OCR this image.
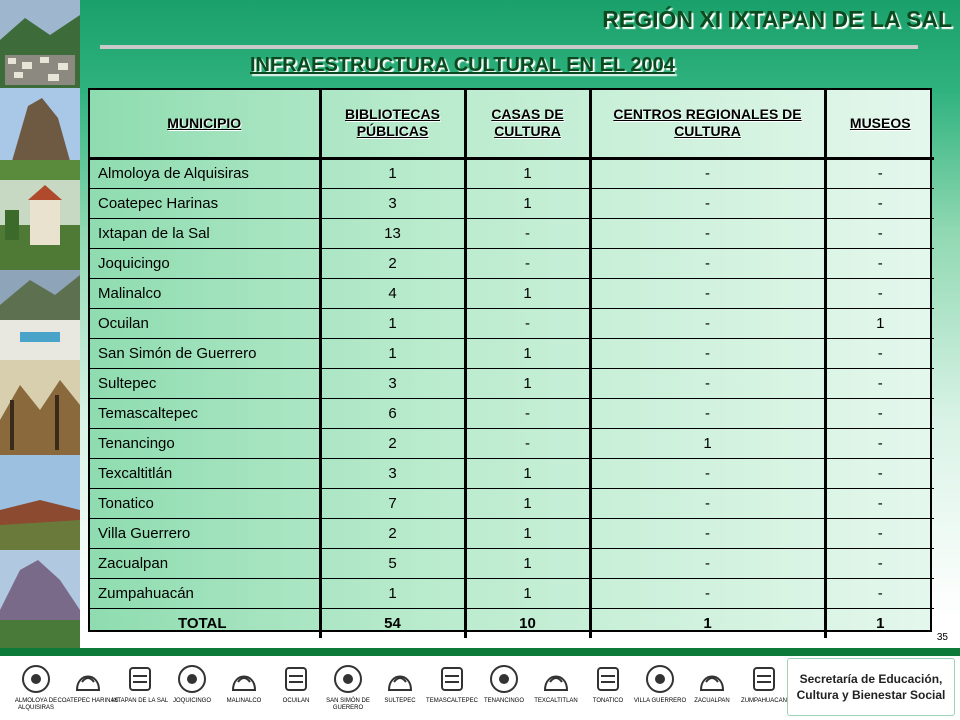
REGIÓN XI IXTAPAN DE LA SAL
INFRAESTRUCTURA CULTURAL EN EL 2004
MUNICIPIO	BIBLIOTECAS PÚBLICAS	CASAS DE CULTURA	CENTROS REGIONALES DE CULTURA	MUSEOS
Almoloya de Alquisiras	1	1	-	-
Coatepec Harinas	3	1	-	-
Ixtapan de la Sal	13	-	-	-
Joquicingo	2	-	-	-
Malinalco	4	1	-	-
Ocuilan	1	-	-	1
San Simón de Guerrero	1	1	-	-
Sultepec	3	1	-	-
Temascaltepec	6	-	-	-
Tenancingo	2	-	1	-
Texcaltitlán	3	1	-	-
Tonatico	7	1	-	-
Villa Guerrero	2	1	-	-
Zacualpan	5	1	-	-
Zumpahuacán	1	1	-	-
TOTAL	54	10	1	1
35
ALMOLOYA DE ALQUISIRAS
COATEPEC HARINAS
IXTAPAN DE LA SAL JOQUICINGO	MALINALCO	OCUILAN	SAN SIMÓN DE GUERERO
SULTEPEC	TEMASCALTEPEC	TENANCINGO	TEXCALTITLAN	TONATICO	VILLA GUERRERO	ZACUALPAN	ZUMPAHUACAN
Secretaría de Educación,
Cultura y Bienestar Social
